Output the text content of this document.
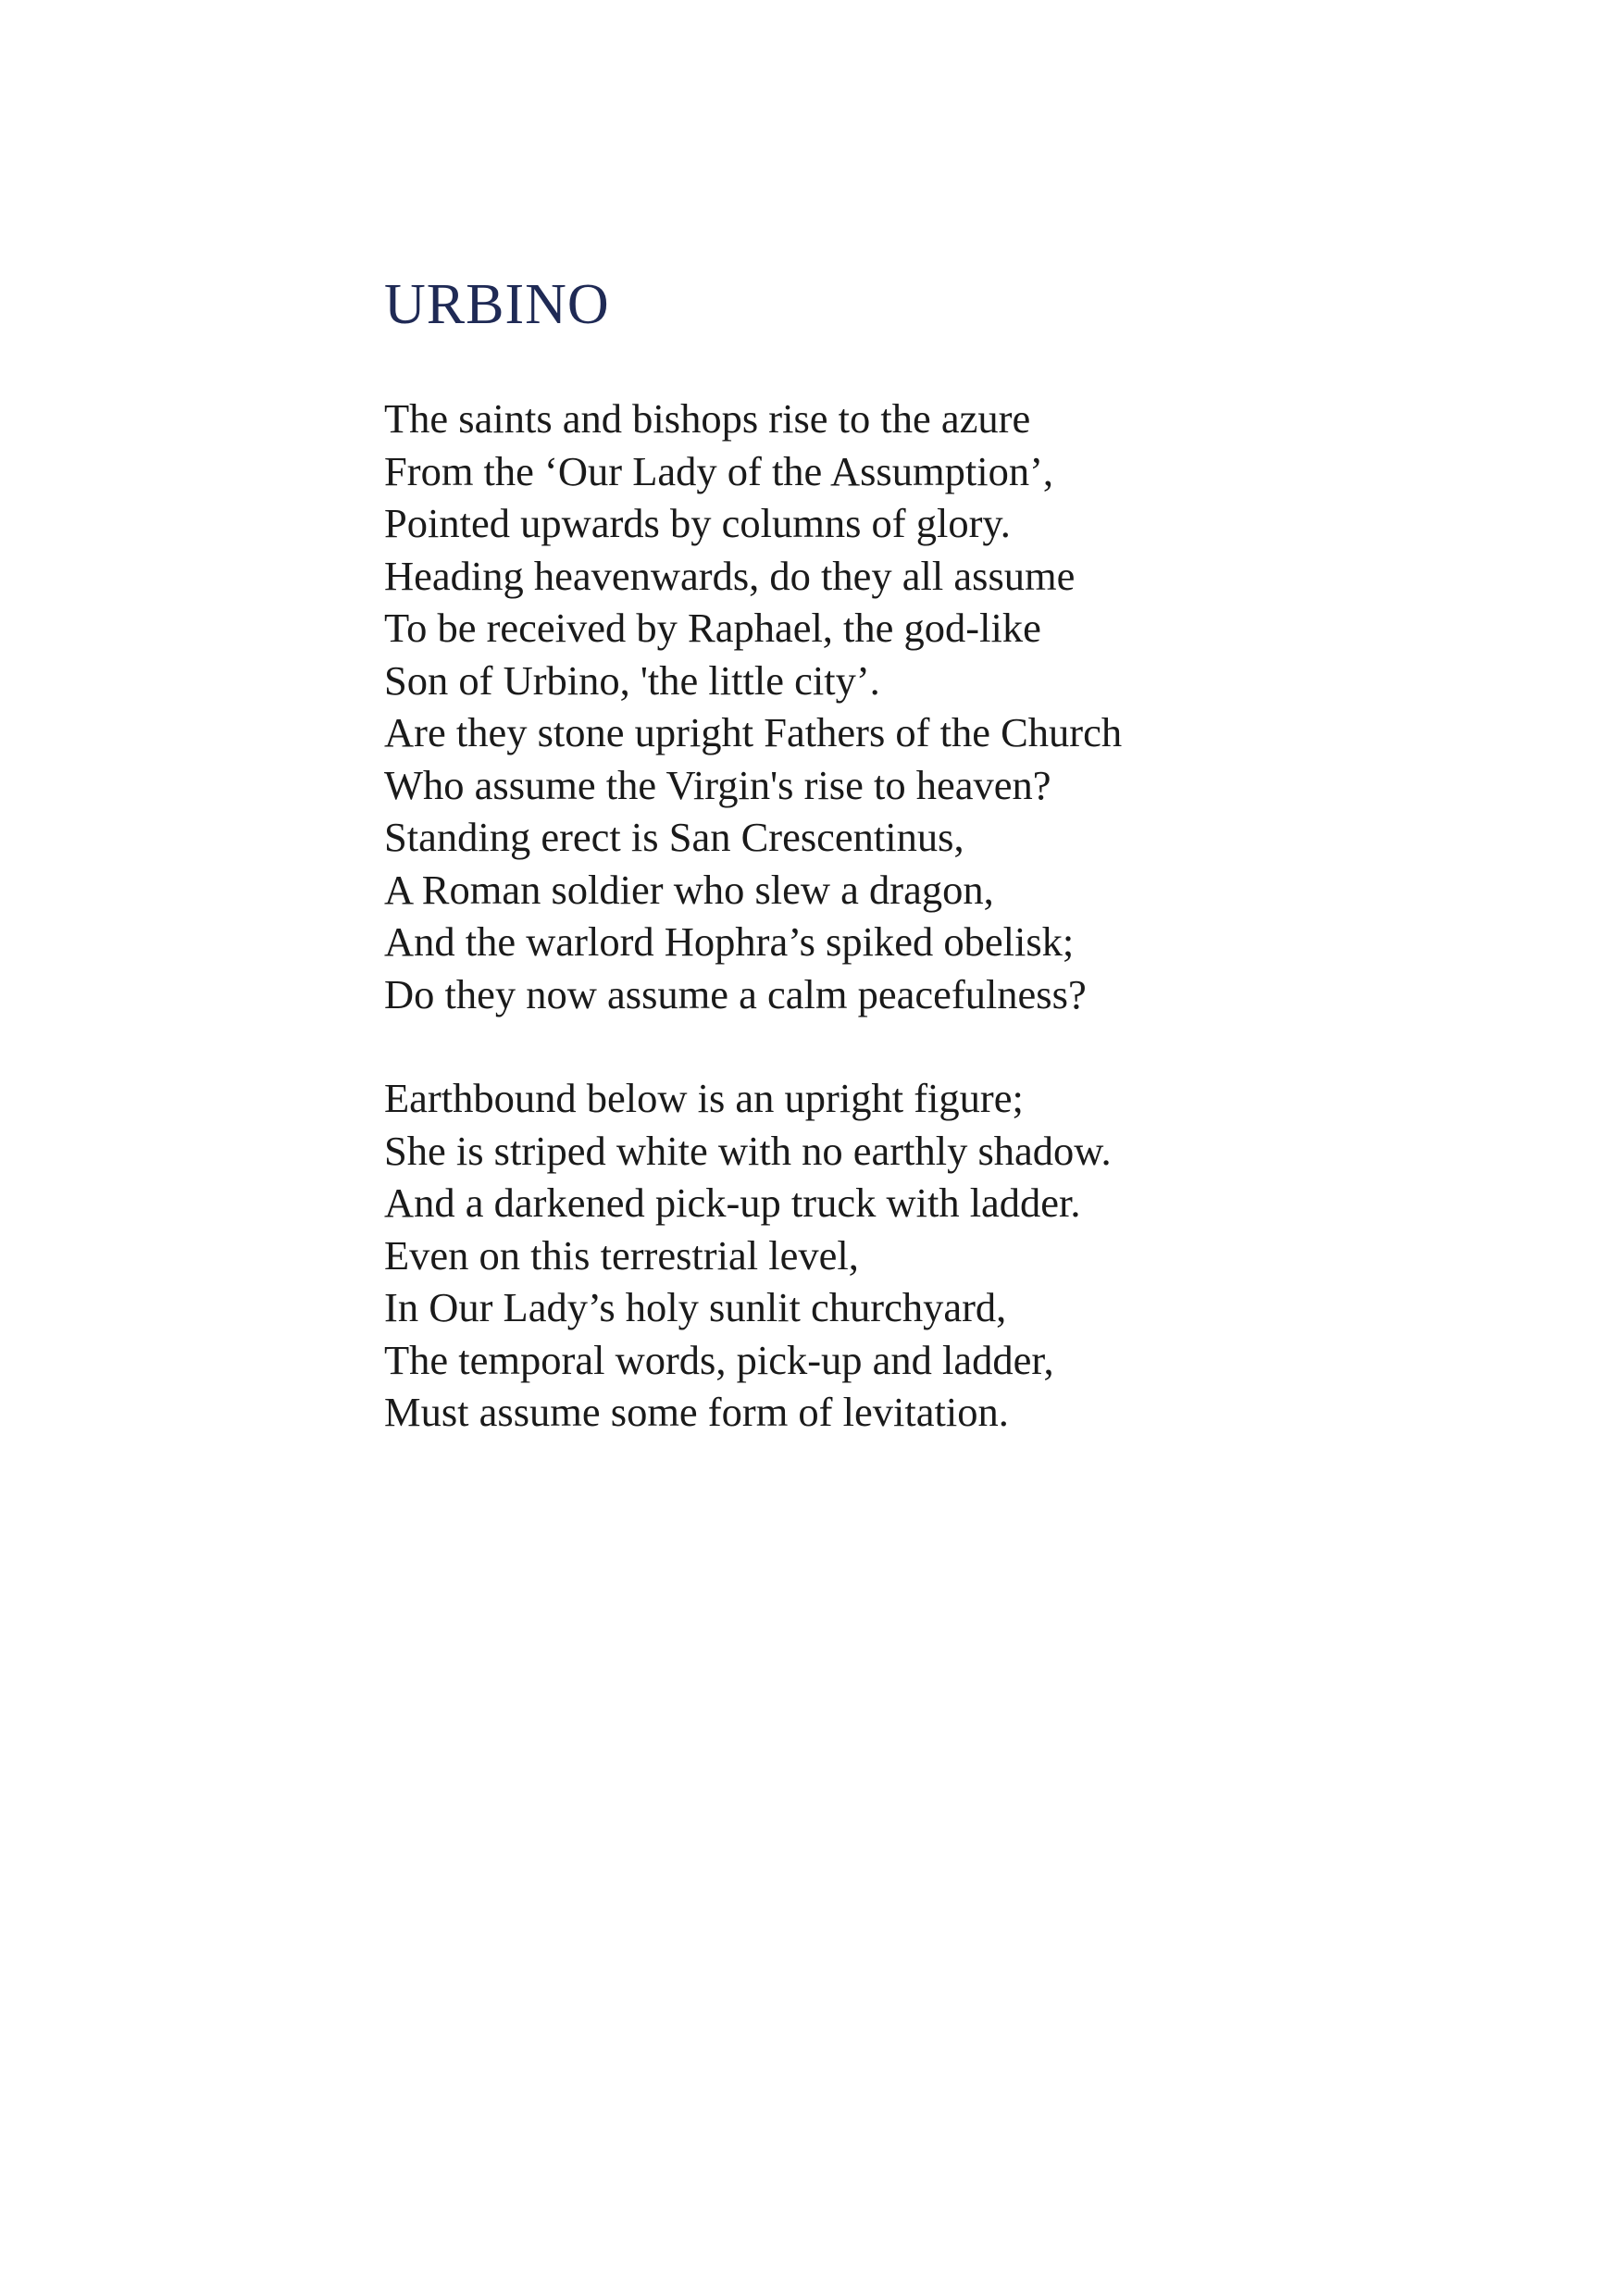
URBINO
The saints and bishops rise to the azure
From the ‘Our Lady of the Assumption’,
Pointed upwards by columns of glory.
Heading heavenwards, do they all assume
To be received by Raphael, the god-like
Son of Urbino, 'the little city’.
Are they stone upright Fathers of the Church
Who assume the Virgin's rise to heaven?
Standing erect is San Crescentinus,
A Roman soldier who slew a dragon,
And the warlord Hophra’s spiked obelisk;
Do they now assume a calm peacefulness?
Earthbound below is an upright figure;
She is striped white with no earthly shadow.
And a darkened pick-up truck with ladder.
Even on this terrestrial level,
In Our Lady’s holy sunlit churchyard,
The temporal words, pick-up and ladder,
Must assume some form of levitation.
